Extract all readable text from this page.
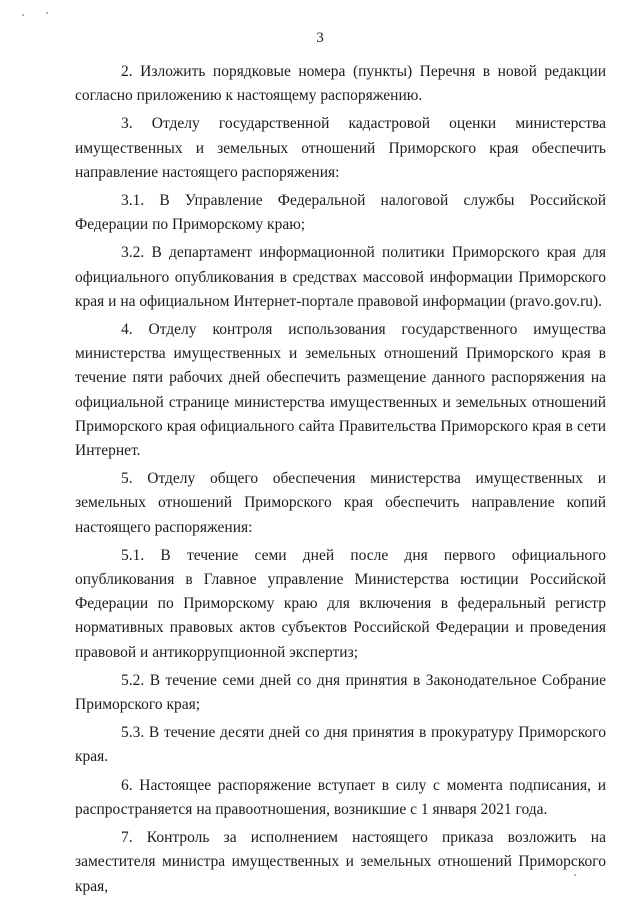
3

2. Изложить порядковые номера (пункты) Перечня в новой редакции согласно приложению к настоящему распоряжению.

3. Отделу государственной кадастровой оценки министерства имущественных и земельных отношений Приморского края обеспечить направление настоящего распоряжения:

3.1. В Управление Федеральной налоговой службы Российской Федерации по Приморскому краю;

3.2. В департамент информационной политики Приморского края для официального опубликования в средствах массовой информации Приморского края и на официальном Интернет-портале правовой информации (pravo.gov.ru).

4. Отделу контроля использования государственного имущества министерства имущественных и земельных отношений Приморского края в течение пяти рабочих дней обеспечить размещение данного распоряжения на официальной странице министерства имущественных и земельных отношений Приморского края официального сайта Правительства Приморского края в сети Интернет.

5. Отделу общего обеспечения министерства имущественных и земельных отношений Приморского края обеспечить направление копий настоящего распоряжения:

5.1. В течение семи дней после дня первого официального опубликования в Главное управление Министерства юстиции Российской Федерации по Приморскому краю для включения в федеральный регистр нормативных правовых актов субъектов Российской Федерации и проведения правовой и антикоррупционной экспертиз;

5.2. В течение семи дней со дня принятия в Законодательное Собрание Приморского края;

5.3. В течение десяти дней со дня принятия в прокуратуру Приморского края.

6. Настоящее распоряжение вступает в силу с момента подписания, и распространяется на правоотношения, возникшие с 1 января 2021 года.

7. Контроль за исполнением настоящего приказа возложить на заместителя министра имущественных и земельных отношений Приморского края,
